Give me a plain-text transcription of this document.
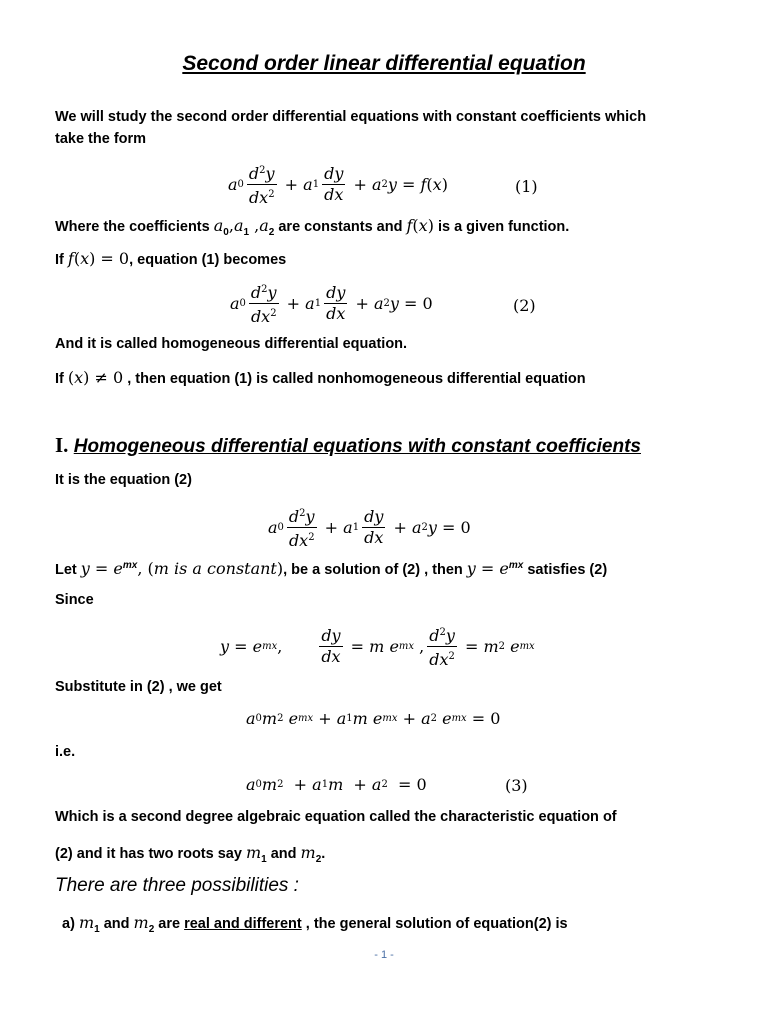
Second order linear differential equation
We will study the second order differential equations with constant coefficients which
take the form
a $0 \frac{d^2y}{dx^2} + a$ $1 \frac{dy}{dx} + a$ 2 y = f ( x )	(1)
Where the coefficients $a_0,a_1$ $,a_2$ are constants and f(x) is a given function.
If f(x) = 0, equation (1) becomes
a $0 \frac{d^2y}{dx^2} + a$ $1 \frac{dy}{dx} + a$ 2 y = 0	(2)
And it is called homogeneous differential equation.
If (x) ≠ 0 , then equation (1) is called nonhomogeneous differential equation
I. Homogeneous differential equations with constant coefficients
It is the equation (2)
a $0 \frac{d^2y}{dx^2} + a$ $1 \frac{dy}{dx} + a$ 2 y = 0
Let $y = e^{mx}$, (m is a constant), be a solution of (2) , then $y = e^{mx}$ satisfies (2)
Since
y = e mx , $\frac{dy}{dx} = m$
e mx , $\frac{d^2y}{dx^2} = m$ 2
e mx
Substitute in (2) , we get
a 0 m 2
e mx + a 1 m
e mx + a 2
e mx = 0
i.e.
a 0 m 2 + a 1 m + a 2 = 0	(3)
Which is a second degree algebraic equation called the characteristic equation of
(2) and it has two roots say $m_1$ and $m_2$.
There are three possibilities :
a) $m_1$ and $m_2$ are real and different , the general solution of equation(2) is
- 1 -
